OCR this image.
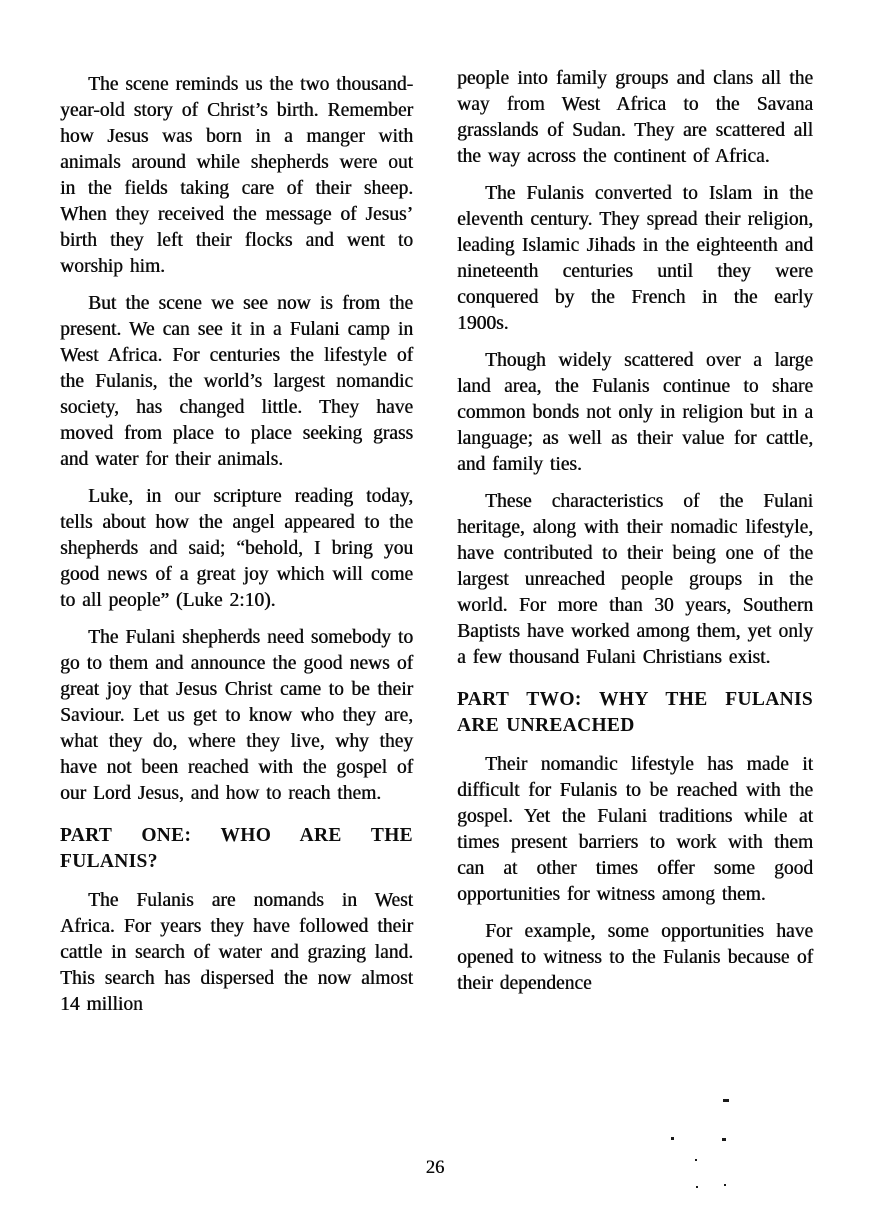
The scene reminds us the two thousand-year-old story of Christ’s birth. Remember how Jesus was born in a manger with animals around while shepherds were out in the fields taking care of their sheep. When they received the message of Jesus’ birth they left their flocks and went to worship him.

But the scene we see now is from the present. We can see it in a Fulani camp in West Africa. For centuries the lifestyle of the Fulanis, the world’s largest nomandic society, has changed little. They have moved from place to place seeking grass and water for their animals.

Luke, in our scripture reading today, tells about how the angel appeared to the shepherds and said; “behold, I bring you good news of a great joy which will come to all people” (Luke 2:10).

The Fulani shepherds need somebody to go to them and announce the good news of great joy that Jesus Christ came to be their Saviour. Let us get to know who they are, what they do, where they live, why they have not been reached with the gospel of our Lord Jesus, and how to reach them.

PART ONE: WHO ARE THE FULANIS?

The Fulanis are nomands in West Africa. For years they have followed their cattle in search of water and grazing land. This search has dispersed the now almost 14 million

people into family groups and clans all the way from West Africa to the Savana grasslands of Sudan. They are scattered all the way across the continent of Africa.

The Fulanis converted to Islam in the eleventh century. They spread their religion, leading Islamic Jihads in the eighteenth and nineteenth centuries until they were conquered by the French in the early 1900s.

Though widely scattered over a large land area, the Fulanis continue to share common bonds not only in religion but in a language; as well as their value for cattle, and family ties.

These characteristics of the Fulani heritage, along with their nomadic lifestyle, have contributed to their being one of the largest unreached people groups in the world. For more than 30 years, Southern Baptists have worked among them, yet only a few thousand Fulani Christians exist.

PART TWO: WHY THE FULANIS ARE UNREACHED

Their nomandic lifestyle has made it difficult for Fulanis to be reached with the gospel. Yet the Fulani traditions while at times present barriers to work with them can at other times offer some good opportunities for witness among them.

For example, some opportunities have opened to witness to the Fulanis because of their dependence

26
